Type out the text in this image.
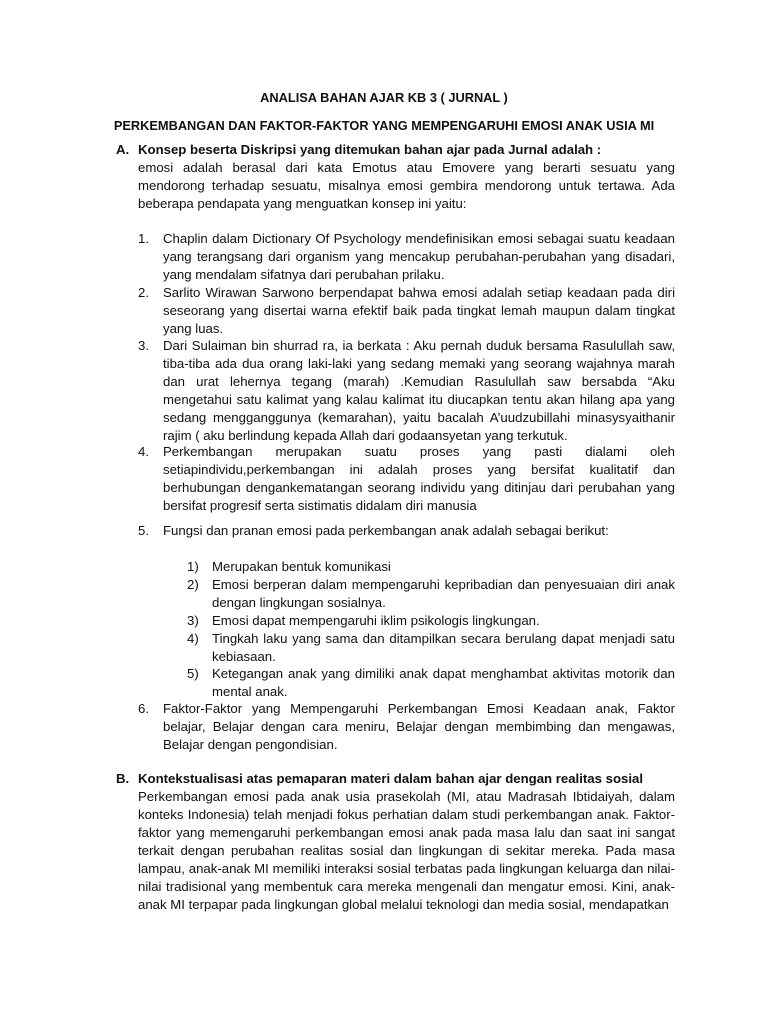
ANALISA BAHAN AJAR KB 3 ( JURNAL )
PERKEMBANGAN DAN FAKTOR-FAKTOR YANG MEMPENGARUHI EMOSI ANAK USIA MI
A. Konsep beserta Diskripsi yang ditemukan bahan ajar pada Jurnal adalah :
emosi adalah berasal dari kata Emotus atau Emovere yang berarti sesuatu yang mendorong terhadap sesuatu, misalnya emosi gembira mendorong untuk tertawa. Ada beberapa pendapata yang menguatkan konsep ini yaitu:
1. Chaplin dalam Dictionary Of Psychology mendefinisikan emosi sebagai suatu keadaan yang terangsang dari organism yang mencakup perubahan-perubahan yang disadari, yang mendalam sifatnya dari perubahan prilaku.
2. Sarlito Wirawan Sarwono berpendapat bahwa emosi adalah setiap keadaan pada diri seseorang yang disertai warna efektif baik pada tingkat lemah maupun dalam tingkat yang luas.
3. Dari Sulaiman bin shurrad ra, ia berkata : Aku pernah duduk bersama Rasulullah saw, tiba-tiba ada dua orang laki-laki yang sedang memaki yang seorang wajahnya marah dan urat lehernya tegang (marah) .Kemudian Rasulullah saw bersabda “Aku mengetahui satu kalimat yang kalau kalimat itu diucapkan tentu akan hilang apa yang sedang mengganggunya (kemarahan), yaitu bacalah A’uudzubillahi minasysyaithanir rajim ( aku berlindung kepada Allah dari godaansyetan yang terkutuk.
4. Perkembangan merupakan suatu proses yang pasti dialami oleh setiapindividu,perkembangan ini adalah proses yang bersifat kualitatif dan berhubungan dengankematangan seorang individu yang ditinjau dari perubahan yang bersifat progresif serta sistimatis didalam diri manusia
5. Fungsi dan pranan emosi pada perkembangan anak adalah sebagai berikut:
1) Merupakan bentuk komunikasi
2) Emosi berperan dalam mempengaruhi kepribadian dan penyesuaian diri anak dengan lingkungan sosialnya.
3) Emosi dapat mempengaruhi iklim psikologis lingkungan.
4) Tingkah laku yang sama dan ditampilkan secara berulang dapat menjadi satu kebiasaan.
5) Ketegangan anak yang dimiliki anak dapat menghambat aktivitas motorik dan mental anak.
6. Faktor-Faktor yang Mempengaruhi Perkembangan Emosi Keadaan anak, Faktor belajar, Belajar dengan cara meniru, Belajar dengan membimbing dan mengawas, Belajar dengan pengondisian.
B. Kontekstualisasi atas pemaparan materi dalam bahan ajar dengan realitas sosial
Perkembangan emosi pada anak usia prasekolah (MI, atau Madrasah Ibtidaiyah, dalam konteks Indonesia) telah menjadi fokus perhatian dalam studi perkembangan anak. Faktor-faktor yang memengaruhi perkembangan emosi anak pada masa lalu dan saat ini sangat terkait dengan perubahan realitas sosial dan lingkungan di sekitar mereka. Pada masa lampau, anak-anak MI memiliki interaksi sosial terbatas pada lingkungan keluarga dan nilai-nilai tradisional yang membentuk cara mereka mengenali dan mengatur emosi. Kini, anak-anak MI terpapar pada lingkungan global melalui teknologi dan media sosial, mendapatkan
